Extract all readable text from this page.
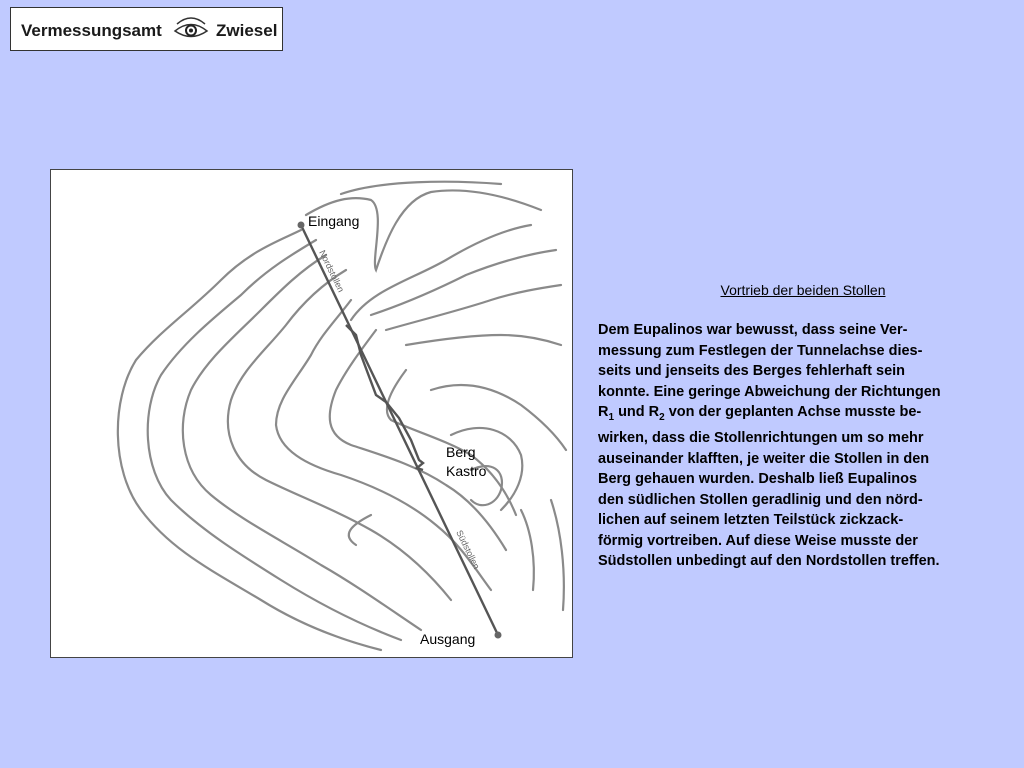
Vermessungsamt	Zwiesel
Nordstollen
Südstollen
Eingang
Berg
Kastro
Ausgang
Vortrieb der beiden Stollen
Dem Eupalinos war bewusst, dass seine Ver-
messung zum Festlegen der Tunnelachse dies-
seits und jenseits des Berges fehlerhaft sein
konnte. Eine geringe Abweichung der Richtungen
$R_1$ und $R_2$ von der geplanten Achse musste be-
wirken, dass die Stollenrichtungen um so mehr
auseinander klafften, je weiter die Stollen in den
Berg gehauen wurden. Deshalb ließ Eupalinos
den südlichen Stollen geradlinig und den nörd-
lichen auf seinem letzten Teilstück zickzack-
förmig vortreiben. Auf diese Weise musste der
Südstollen unbedingt auf den Nordstollen treffen.
